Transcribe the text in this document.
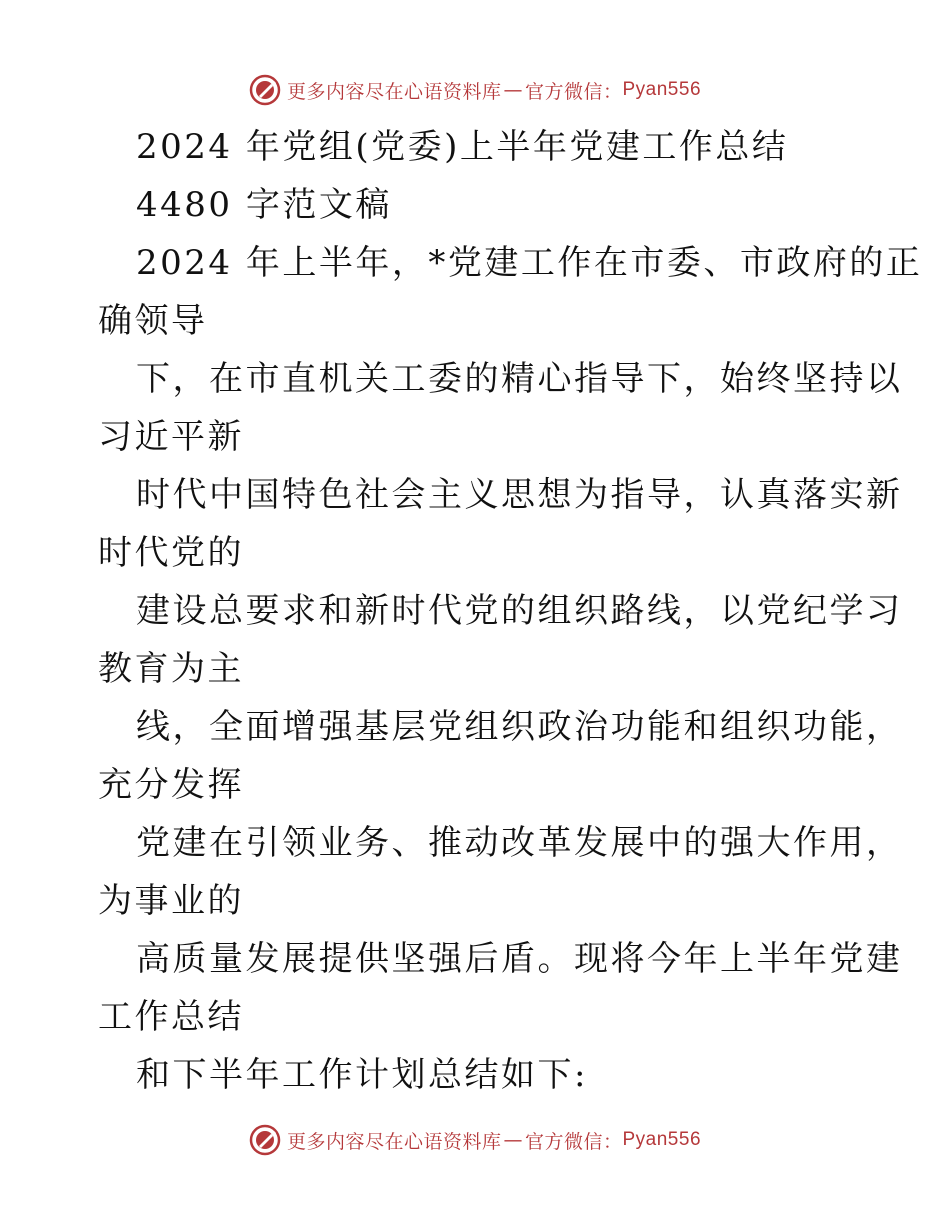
更多内容尽在心语资料库 — 官方微信： Pyan556
2024 年党组(党委)上半年党建工作总结
4480 字范文稿
2024 年上半年，*党建工作在市委、市政府的正
确领导
下，在市直机关工委的精心指导下，始终坚持以
习近平新
时代中国特色社会主义思想为指导，认真落实新
时代党的
建设总要求和新时代党的组织路线，以党纪学习
教育为主
线，全面增强基层党组织政治功能和组织功能，
充分发挥
党建在引领业务、推动改革发展中的强大作用，
为事业的
高质量发展提供坚强后盾。现将今年上半年党建
工作总结
和下半年工作计划总结如下:
更多内容尽在心语资料库 — 官方微信： Pyan556
